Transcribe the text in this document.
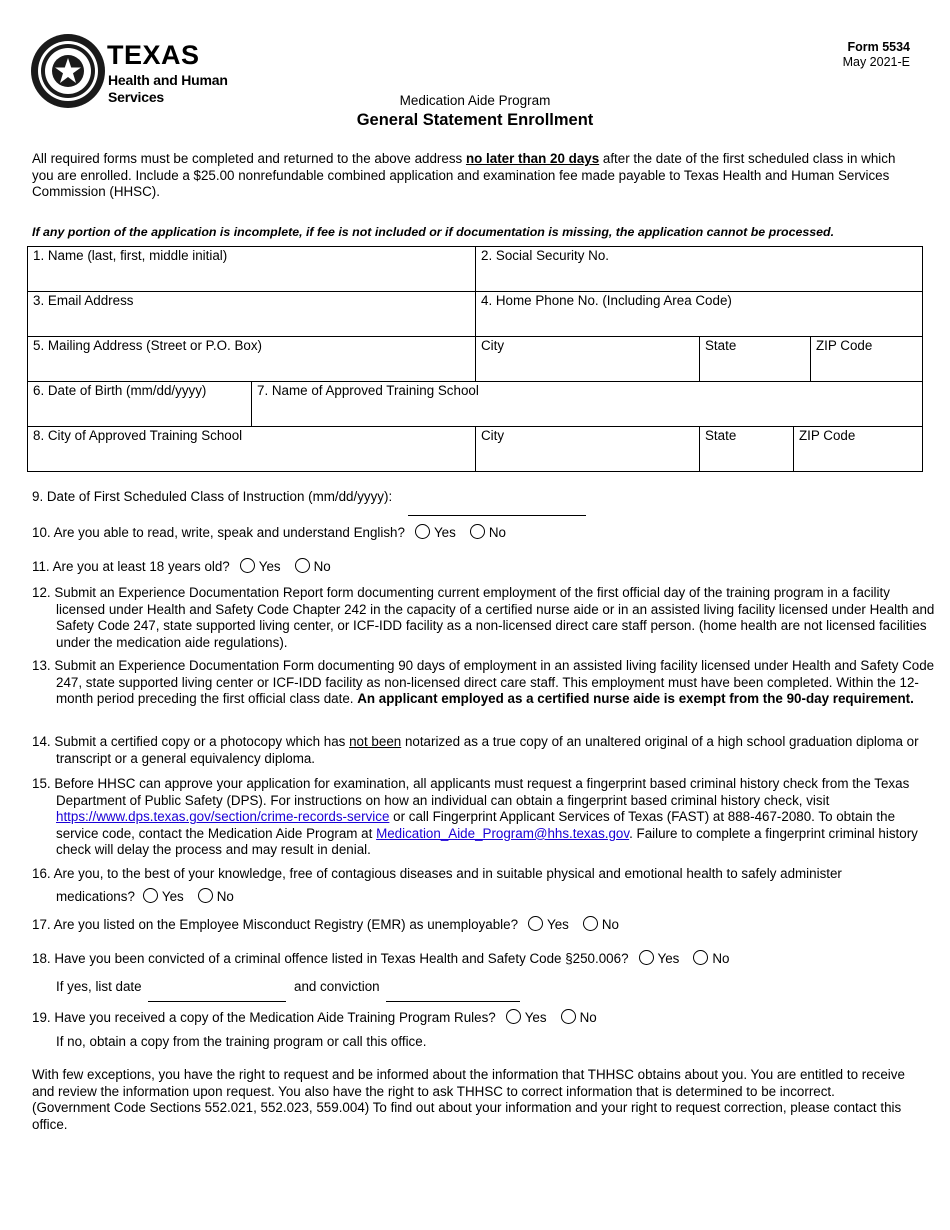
TEXAS
Health and Human
Services
Form 5534
May 2021-E
Medication Aide Program
General Statement Enrollment
All required forms must be completed and returned to the above address no later than 20 days after the date of the first scheduled class in which you are enrolled. Include a $25.00 nonrefundable combined application and examination fee made payable to Texas Health and Human Services Commission (HHSC).
If any portion of the application is incomplete, if fee is not included or if documentation is missing, the application cannot be processed.
1. Name (last, first, middle initial)		2. Social Security No.			
3. Email Address		4. Home Phone No. (Including Area Code)			
5. Mailing Address (Street or P.O. Box)		City	State		ZIP Code
6. Date of Birth (mm/dd/yyyy)	7. Name of Approved Training School				
8. City of Approved Training School		City	State	ZIP Code	
9. Date of First Scheduled Class of Instruction (mm/dd/yyyy):
10. Are you able to read, write, speak and understand English? Yes No
11. Are you at least 18 years old? Yes No
12. Submit an Experience Documentation Report form documenting current employment of the first official day of the training program in a facility licensed under Health and Safety Code Chapter 242 in the capacity of a certified nurse aide or in an assisted living facility licensed under Health and Safety Code 247, state supported living center, or ICF-IDD facility as a non-licensed direct care staff person. (home health are not licensed facilities under the medication aide regulations).
13. Submit an Experience Documentation Form documenting 90 days of employment in an assisted living facility licensed under Health and Safety Code 247, state supported living center or ICF-IDD facility as non-licensed direct care staff. This employment must have been completed. Within the 12-month period preceding the first official class date. An applicant employed as a certified nurse aide is exempt from the 90-day requirement.
14. Submit a certified copy or a photocopy which has not been notarized as a true copy of an unaltered original of a high school graduation diploma or transcript or a general equivalency diploma.
15. Before HHSC can approve your application for examination, all applicants must request a fingerprint based criminal history check from the Texas Department of Public Safety (DPS). For instructions on how an individual can obtain a fingerprint based criminal history check, visit https://www.dps.texas.gov/section/crime-records-service or call Fingerprint Applicant Services of Texas (FAST) at 888-467-2080. To obtain the service code, contact the Medication Aide Program at Medication_Aide_Program@hhs.texas.gov. Failure to complete a fingerprint criminal history check will delay the process and may result in denial.
16. Are you, to the best of your knowledge, free of contagious diseases and in suitable physical and emotional health to safely administer
medications? Yes No
17. Are you listed on the Employee Misconduct Registry (EMR) as unemployable? Yes No
18. Have you been convicted of a criminal offence listed in Texas Health and Safety Code §250.006? Yes No
If yes, list date	and conviction
19. Have you received a copy of the Medication Aide Training Program Rules? Yes No
If no, obtain a copy from the training program or call this office.
With few exceptions, you have the right to request and be informed about the information that THHSC obtains about you. You are entitled to receive and review the information upon request. You also have the right to ask THHSC to correct information that is determined to be incorrect. (Government Code Sections 552.021, 552.023, 559.004) To find out about your information and your right to request correction, please contact this office.
